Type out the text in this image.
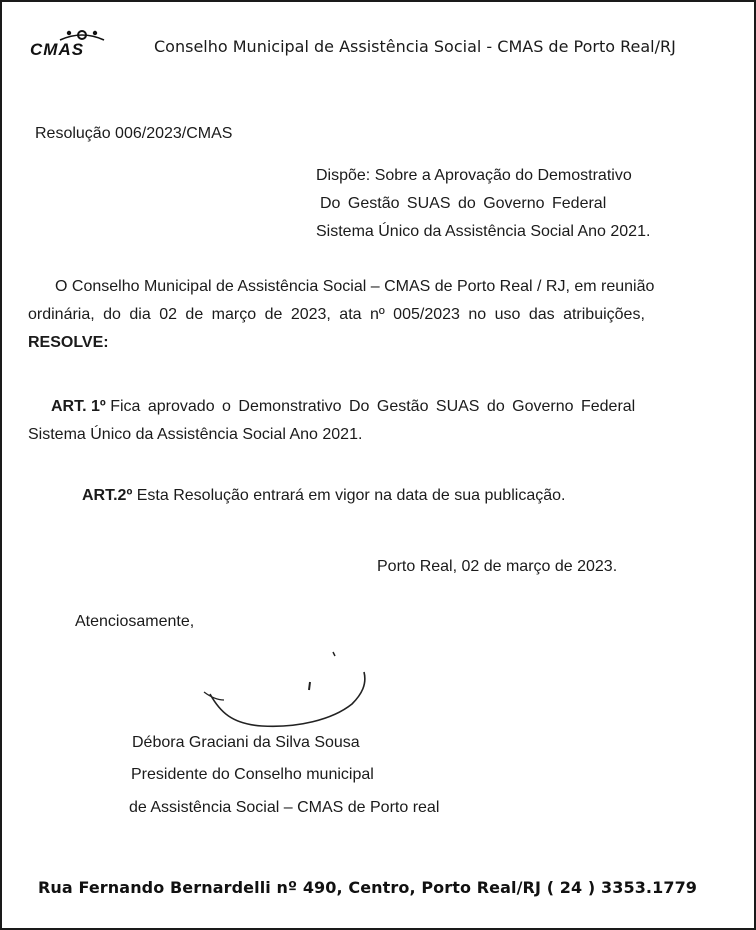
CMAS	Conselho Municipal de Assistência Social - CMAS de Porto Real/RJ
Resolução 006/2023/CMAS
Dispõe: Sobre a Aprovação do Demostrativo
Do Gestão SUAS do Governo Federal
Sistema Único da Assistência Social Ano 2021.
O Conselho Municipal de Assistência Social – CMAS de Porto Real / RJ, em reunião
ordinária, do dia 02 de março de 2023, ata nº 005/2023 no uso das atribuições,
RESOLVE:
ART. 1º Fica aprovado o Demonstrativo Do Gestão SUAS do Governo Federal
Sistema Único da Assistência Social Ano 2021.
ART.2º Esta Resolução entrará em vigor na data de sua publicação.
Porto Real, 02 de março de 2023.
Atenciosamente,
Débora Graciani da Silva Sousa
Presidente do Conselho municipal
de Assistência Social – CMAS de Porto real
Rua Fernando Bernardelli nº 490, Centro, Porto Real/RJ ( 24 ) 3353.1779
